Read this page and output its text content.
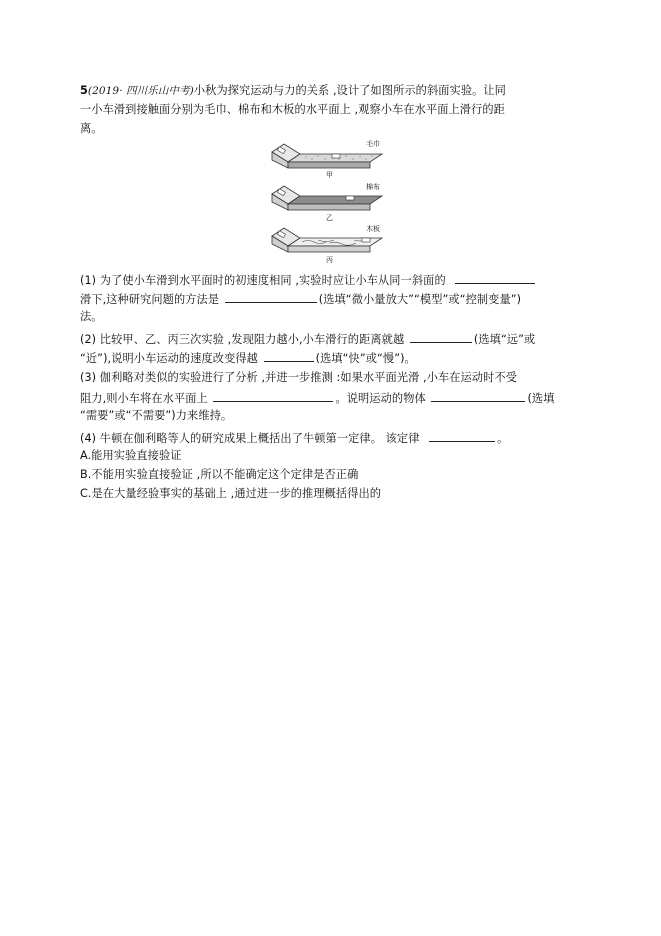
5(2019· 四川乐山中考)小秋为探究运动与力的关系 ,设计了如图所示的斜面实验。让同
一小车滑到接触面分别为毛巾、棉布和木板的水平面上 ,观察小车在水平面上滑行的距
离。
毛巾
甲
棉布
乙
木板
丙
(1) 为了使小车滑到水平面时的初速度相同 ,实验时应让小车从同一斜面的
滑下,这种研究问题的方法是	(选填“微小量放大”“模型”或“控制变量”)
法。
(2) 比较甲、乙、丙三次实验 ,发现阻力越小,小车滑行的距离就越	(选填“远”或
“近”),说明小车运动的速度改变得越	(选填“快”或“慢”)。
(3) 伽利略对类似的实验进行了分析 ,并进一步推测 :如果水平面光滑 ,小车在运动时不受
阻力,则小车将在水平面上	。说明运动的物体	(选填
“需要”或“不需要”)力来维持。
(4) 牛顿在伽利略等人的研究成果上概括出了牛顿第一定律。 该定律	。
A.能用实验直接验证
B.不能用实验直接验证 ,所以不能确定这个定律是否正确
C.是在大量经验事实的基础上 ,通过进一步的推理概括得出的
